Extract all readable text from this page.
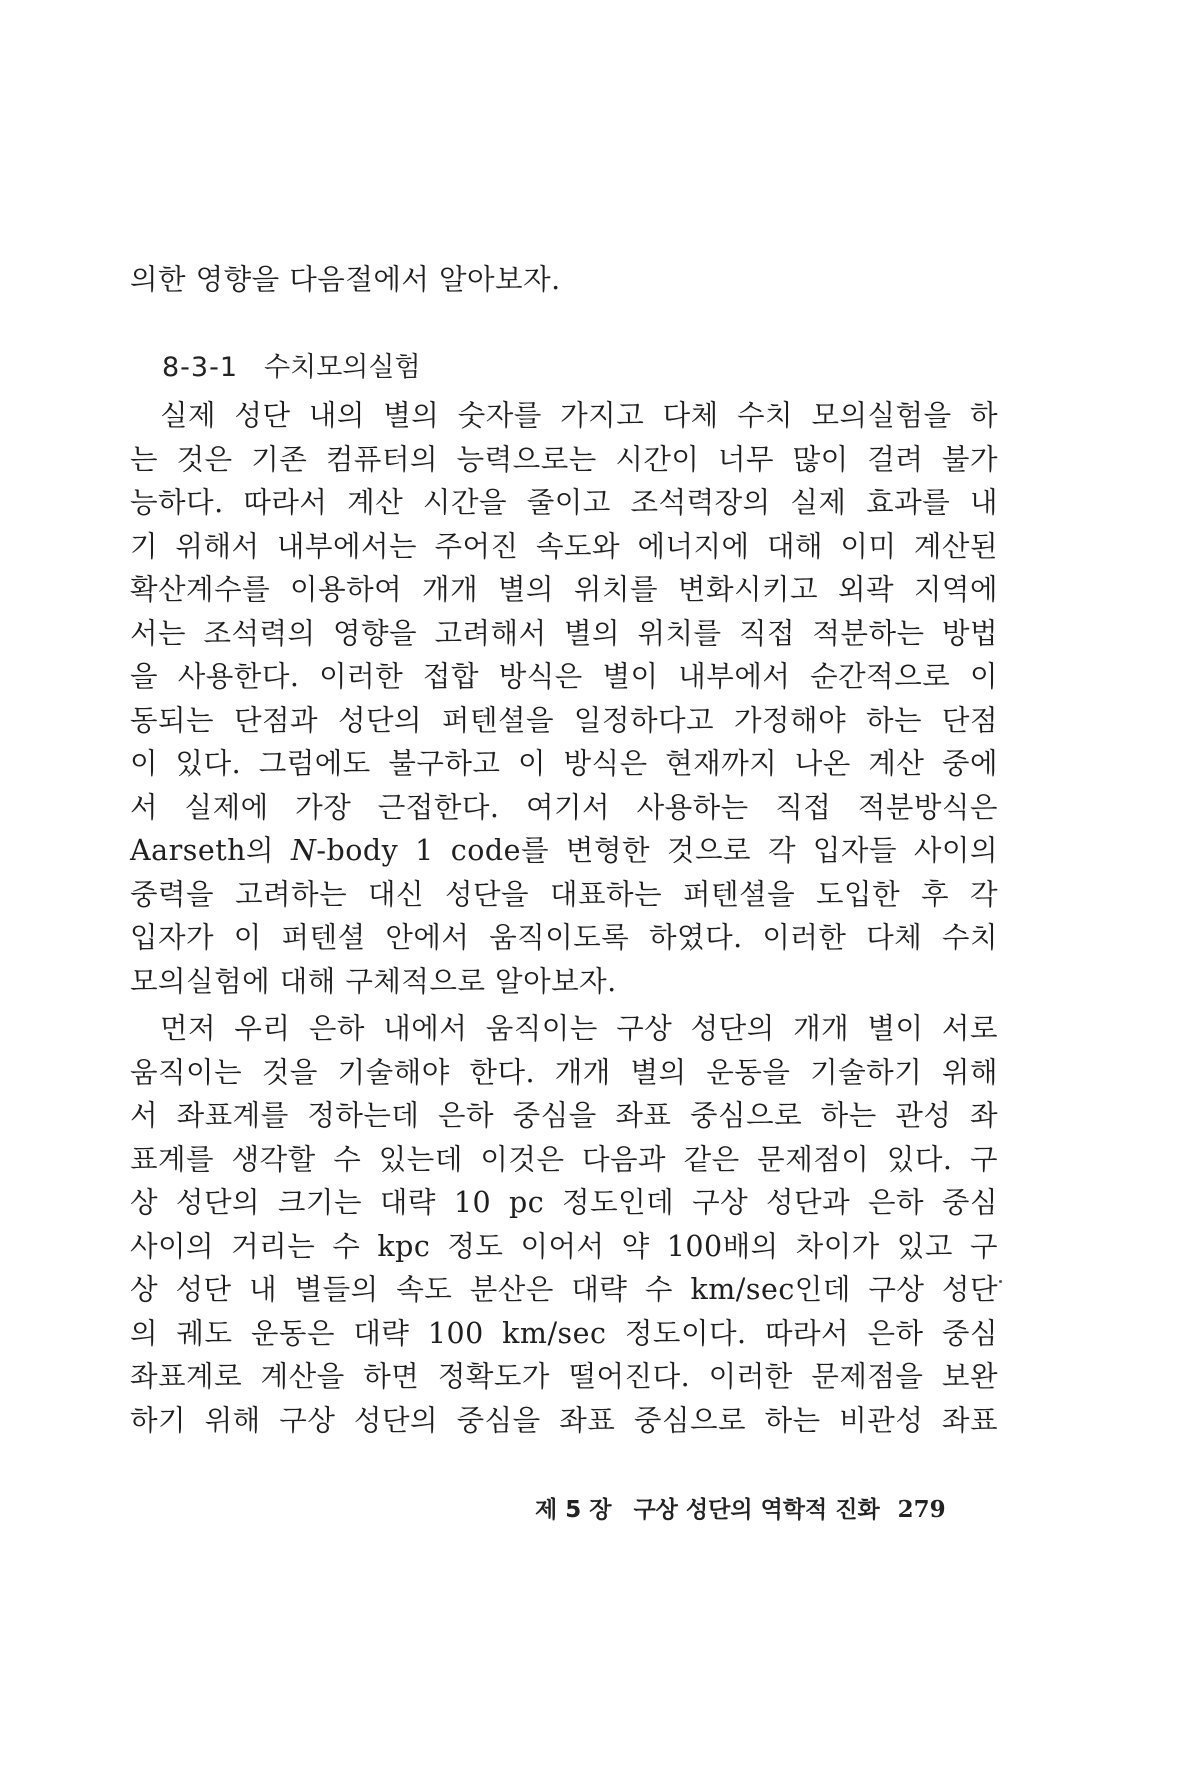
의한 영향을 다음절에서 알아보자.
8-3-1 수치모의실험
실제 성단 내의 별의 숫자를 가지고 다체 수치 모의실험을 하
는 것은 기존 컴퓨터의 능력으로는 시간이 너무 많이 걸려 불가
능하다. 따라서 계산 시간을 줄이고 조석력장의 실제 효과를 내
기 위해서 내부에서는 주어진 속도와 에너지에 대해 이미 계산된
확산계수를 이용하여 개개 별의 위치를 변화시키고 외곽 지역에
서는 조석력의 영향을 고려해서 별의 위치를 직접 적분하는 방법
을 사용한다. 이러한 접합 방식은 별이 내부에서 순간적으로 이
동되는 단점과 성단의 퍼텐셜을 일정하다고 가정해야 하는 단점
이 있다. 그럼에도 불구하고 이 방식은 현재까지 나온 계산 중에
서 실제에 가장 근접한다. 여기서 사용하는 직접 적분방식은
Aarseth의 N-body 1 code를 변형한 것으로 각 입자들 사이의
중력을 고려하는 대신 성단을 대표하는 퍼텐셜을 도입한 후 각
입자가 이 퍼텐셜 안에서 움직이도록 하였다. 이러한 다체 수치
모의실험에 대해 구체적으로 알아보자.
먼저 우리 은하 내에서 움직이는 구상 성단의 개개 별이 서로
움직이는 것을 기술해야 한다. 개개 별의 운동을 기술하기 위해
서 좌표계를 정하는데 은하 중심을 좌표 중심으로 하는 관성 좌
표계를 생각할 수 있는데 이것은 다음과 같은 문제점이 있다. 구
상 성단의 크기는 대략 10 pc 정도인데 구상 성단과 은하 중심
사이의 거리는 수 kpc 정도 이어서 약 100배의 차이가 있고 구
상 성단 내 별들의 속도 분산은 대략 수 km/sec인데 구상 성단
의 궤도 운동은 대략 100 km/sec 정도이다. 따라서 은하 중심
좌표계로 계산을 하면 정확도가 떨어진다. 이러한 문제점을 보완
하기 위해 구상 성단의 중심을 좌표 중심으로 하는 비관성 좌표
제 5 장 구상 성단의 역학적 진화 279
